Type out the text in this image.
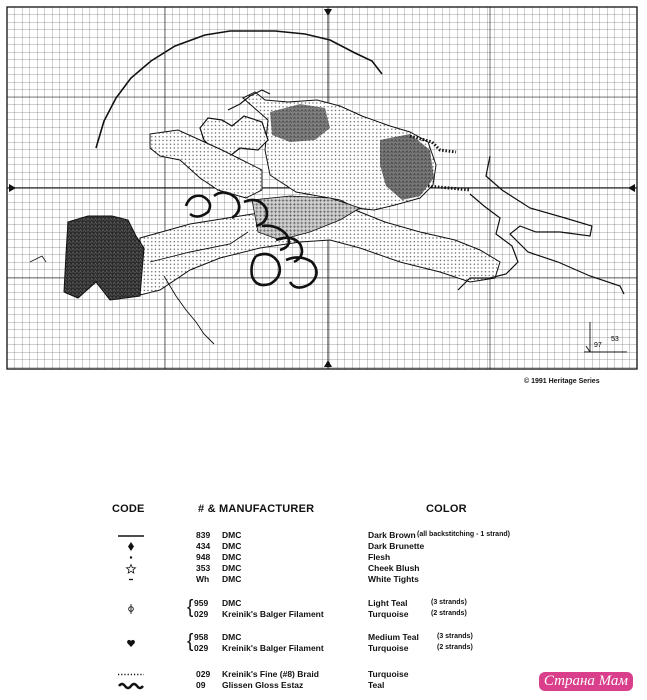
53
97
© 1991 Heritage Series
CODE	# & MANUFACTURER	COLOR
839 DMC	Dark Brown (all backstitching - 1 strand)
434 DMC	Dark Brunette
948 DMC	Flesh
353 DMC	Cheek Blush
Wh DMC	White Tights
{ 959 DMC	Light Teal	(3 strands)
029 Kreinik's Balger Filament	Turquoise	(2 strands)
{ 958 DMC	Medium Teal	(3 strands)
029 Kreinik's Balger Filament	Turquoise	(2 strands)
029 Kreinik's Fine (#8) Braid	Turquoise
09 Glissen Gloss Estaz	Teal	Страна Мам
